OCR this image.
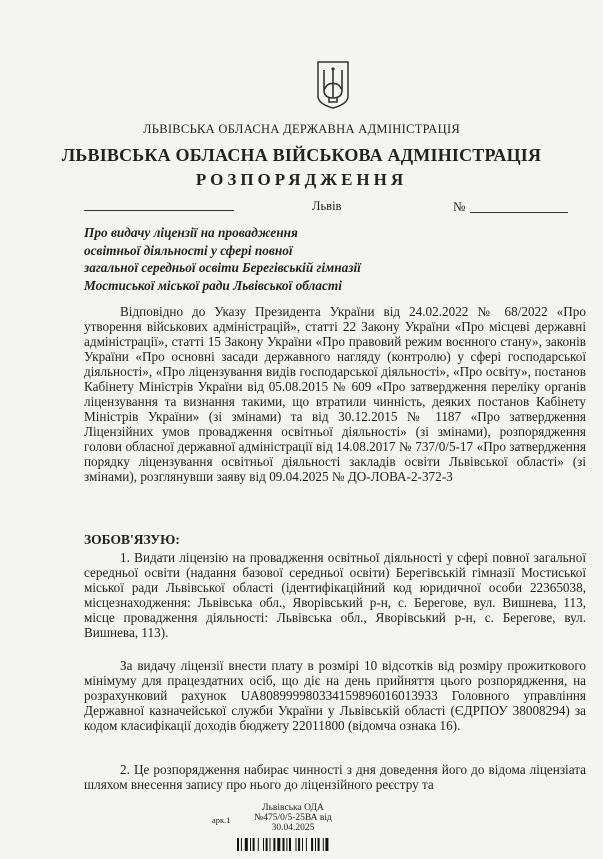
ЛЬВІВСЬКА ОБЛАСНА ДЕРЖАВНА АДМІНІСТРАЦІЯ
ЛЬВІВСЬКА ОБЛАСНА ВІЙСЬКОВА АДМІНІСТРАЦІЯ
РОЗПОРЯДЖЕННЯ
Львів	№
Про видачу ліцензії на провадження
освітньої діяльності у сфері повної
загальної середньої освіти Берегівській гімназії
Мостиської міської ради Львівської області
Відповідно до Указу Президента України від 24.02.2022 № 68/2022 «Про утворення військових адміністрацій», статті 22 Закону України «Про місцеві державні адміністрації», статті 15 Закону України «Про правовий режим воєнного стану», законів України «Про основні засади державного нагляду (контролю) у сфері господарської діяльності», «Про ліцензування видів господарської діяльності», «Про освіту», постанов Кабінету Міністрів України від 05.08.2015 № 609 «Про затвердження переліку органів ліцензування та визнання такими, що втратили чинність, деяких постанов Кабінету Міністрів України» (зі змінами) та від 30.12.2015 № 1187 «Про затвердження Ліцензійних умов провадження освітньої діяльності» (зі змінами), розпорядження голови обласної державної адміністрації від 14.08.2017 № 737/0/5-17 «Про затвердження порядку ліцензування освітньої діяльності закладів освіти Львівської області» (зі змінами), розглянувши заяву від 09.04.2025 № ДО-ЛОВА-2-372-3
ЗОБОВ'ЯЗУЮ:
1. Видати ліцензію на провадження освітньої діяльності у сфері повної загальної середньої освіти (надання базової середньої освіти) Берегівській гімназії Мостиської міської ради Львівської області (ідентифікаційний код юридичної особи 22365038, місцезнаходження: Львівська обл., Яворівський р-н, с. Берегове, вул. Вишнева, 113, місце провадження діяльності: Львівська обл., Яворівський р-н, с. Берегове, вул. Вишнева, 113).
За видачу ліцензії внести плату в розмірі 10 відсотків від розміру прожиткового мінімуму для працездатних осіб, що діє на день прийняття цього розпорядження, на розрахунковий рахунок UA808999980334159896016013933 Головного управління Державної казначейської служби України у Львівській області (ЄДРПОУ 38008294) за кодом класифікації доходів бюджету 22011800 (відомча ознака 16).
2. Це розпорядження набирає чинності з дня доведення його до відома ліцензіата шляхом внесення запису про нього до ліцензійного реєстру та
арк.1
Львівська ОДА
№475/0/5-25ВА від
30.04.2025
